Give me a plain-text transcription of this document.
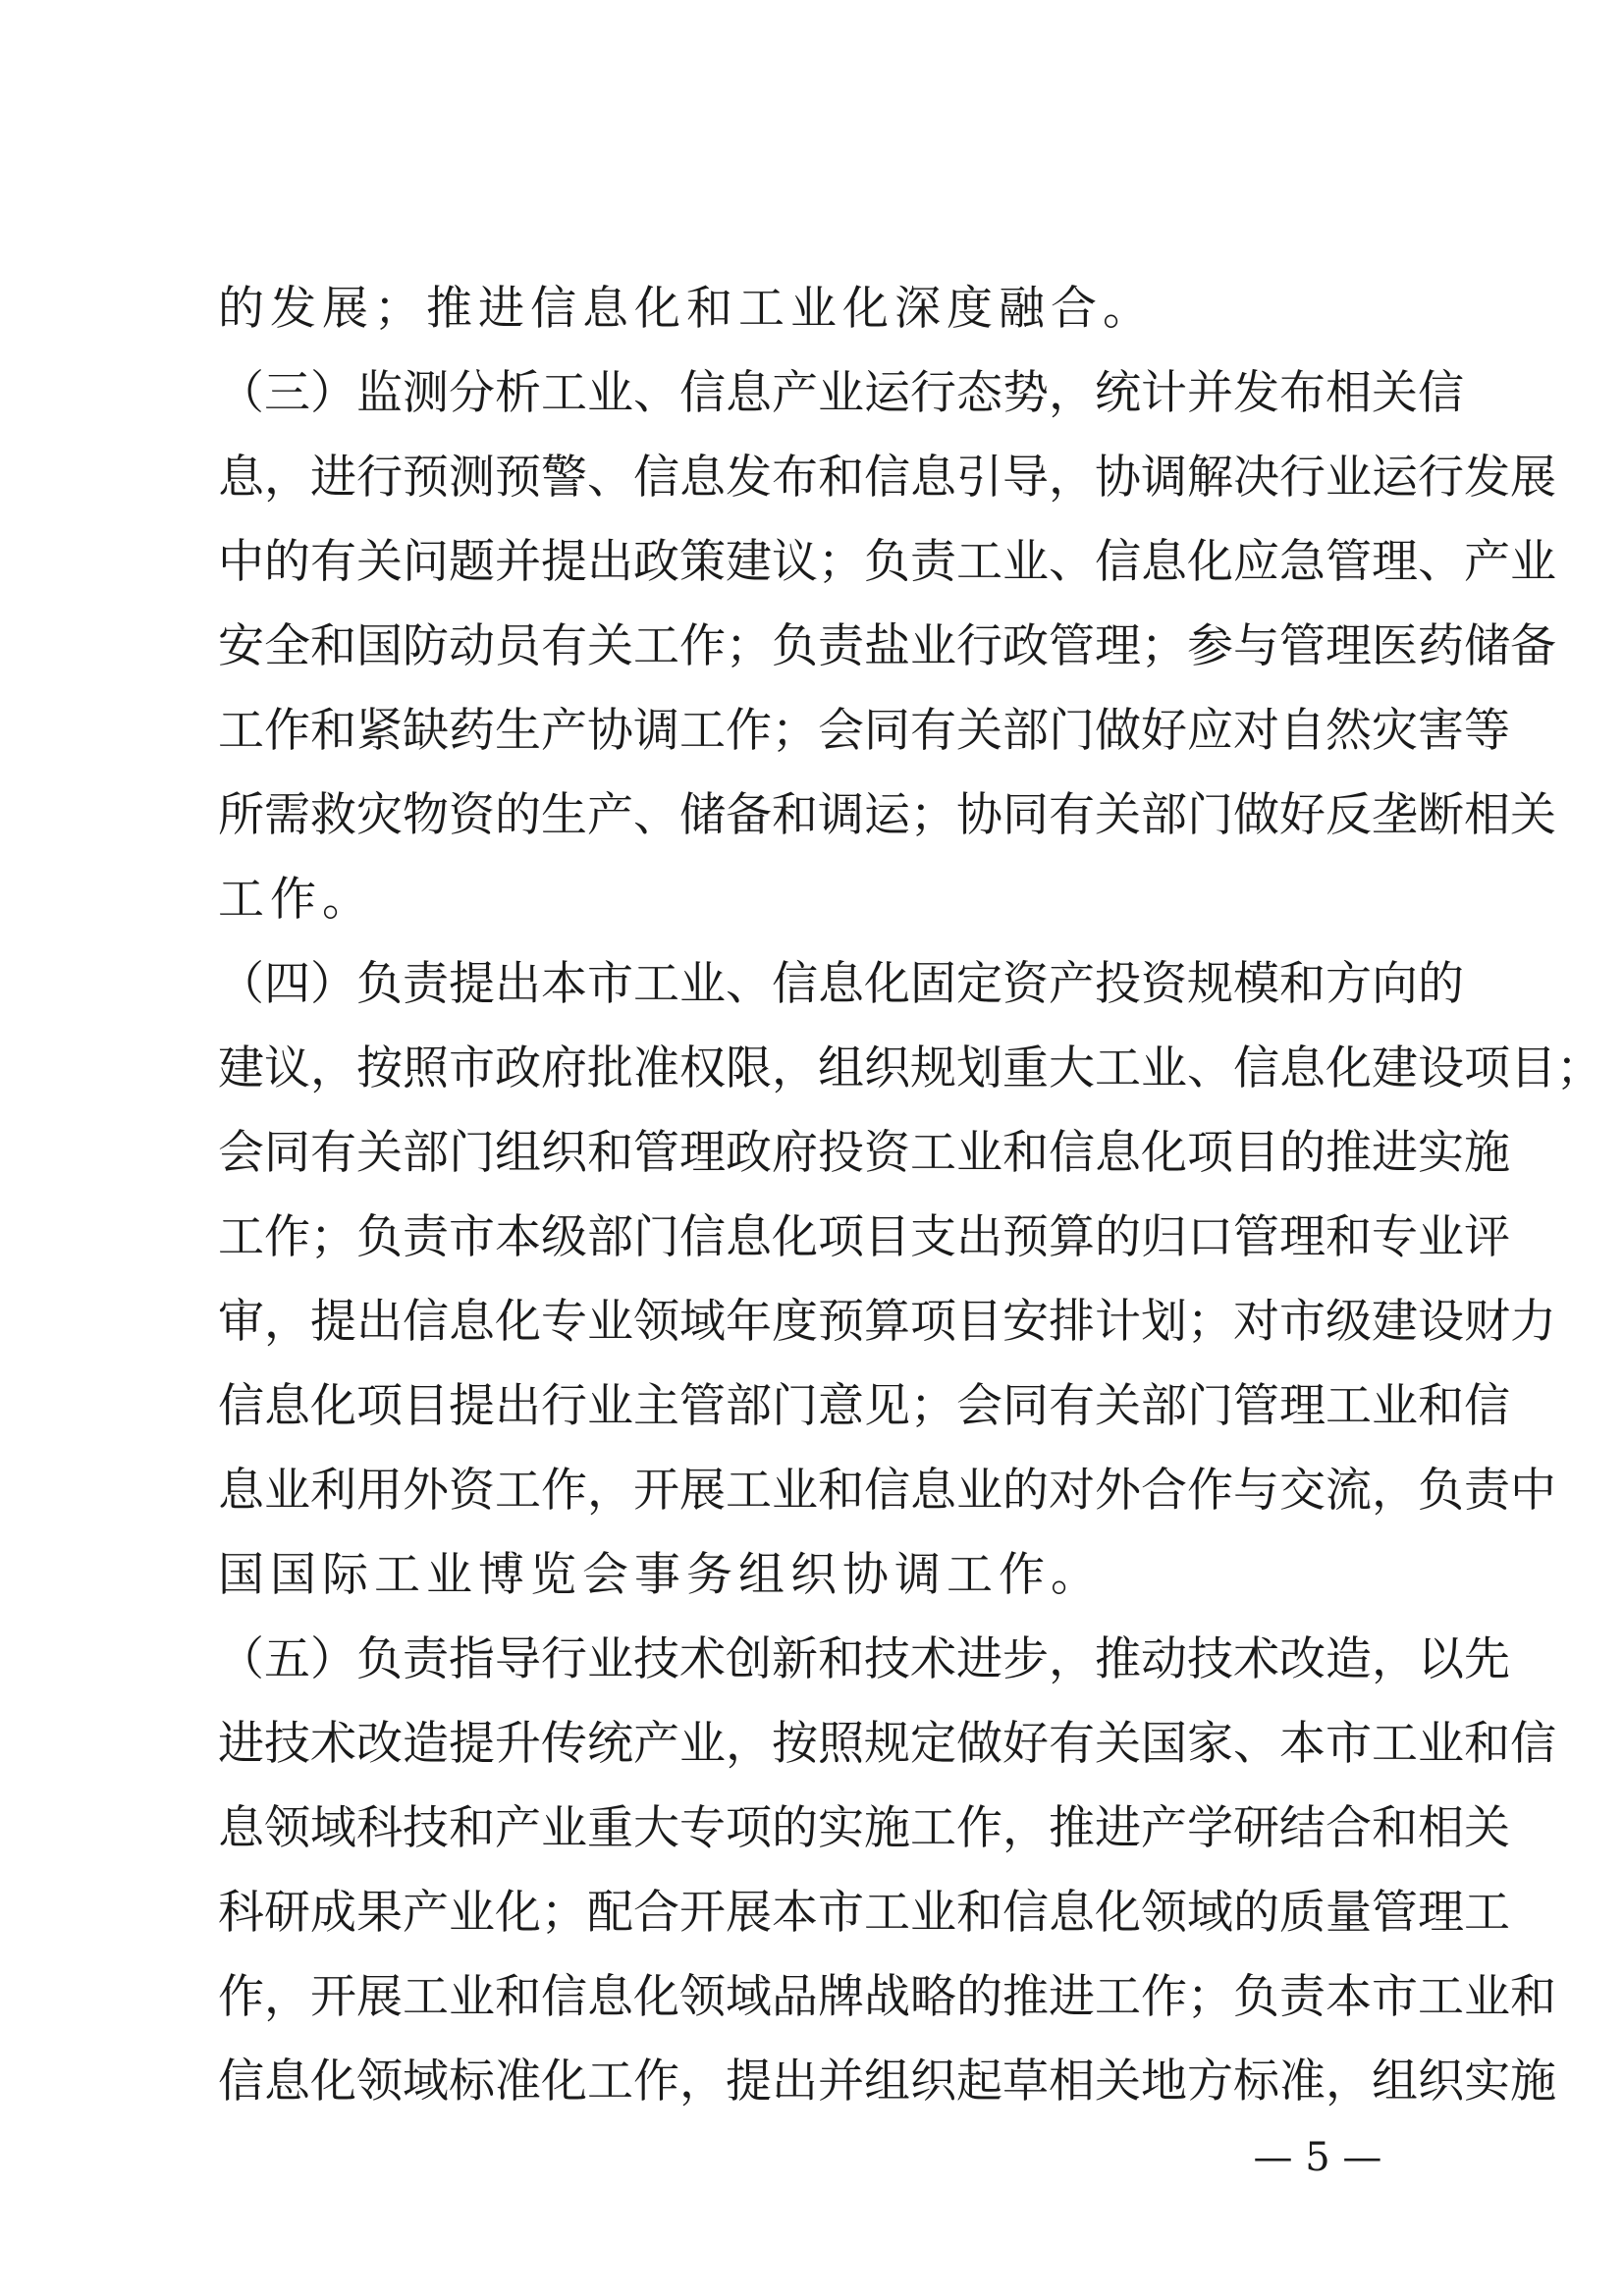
的发展；推进信息化和工业化深度融合。
（三）监测分析工业、信息产业运行态势，统计并发布相关信
息，进行预测预警、信息发布和信息引导，协调解决行业运行发展
中的有关问题并提出政策建议；负责工业、信息化应急管理、产业
安全和国防动员有关工作；负责盐业行政管理；参与管理医药储备
工作和紧缺药生产协调工作；会同有关部门做好应对自然灾害等
所需救灾物资的生产、储备和调运；协同有关部门做好反垄断相关
工作。
（四）负责提出本市工业、信息化固定资产投资规模和方向的
建议，按照市政府批准权限，组织规划重大工业、信息化建设项目；
会同有关部门组织和管理政府投资工业和信息化项目的推进实施
工作；负责市本级部门信息化项目支出预算的归口管理和专业评
审，提出信息化专业领域年度预算项目安排计划；对市级建设财力
信息化项目提出行业主管部门意见；会同有关部门管理工业和信
息业利用外资工作，开展工业和信息业的对外合作与交流，负责中
国国际工业博览会事务组织协调工作。
（五）负责指导行业技术创新和技术进步，推动技术改造，以先
进技术改造提升传统产业，按照规定做好有关国家、本市工业和信
息领域科技和产业重大专项的实施工作，推进产学研结合和相关
科研成果产业化；配合开展本市工业和信息化领域的质量管理工
作，开展工业和信息化领域品牌战略的推进工作；负责本市工业和
信息化领域标准化工作，提出并组织起草相关地方标准，组织实施
— 5 —
